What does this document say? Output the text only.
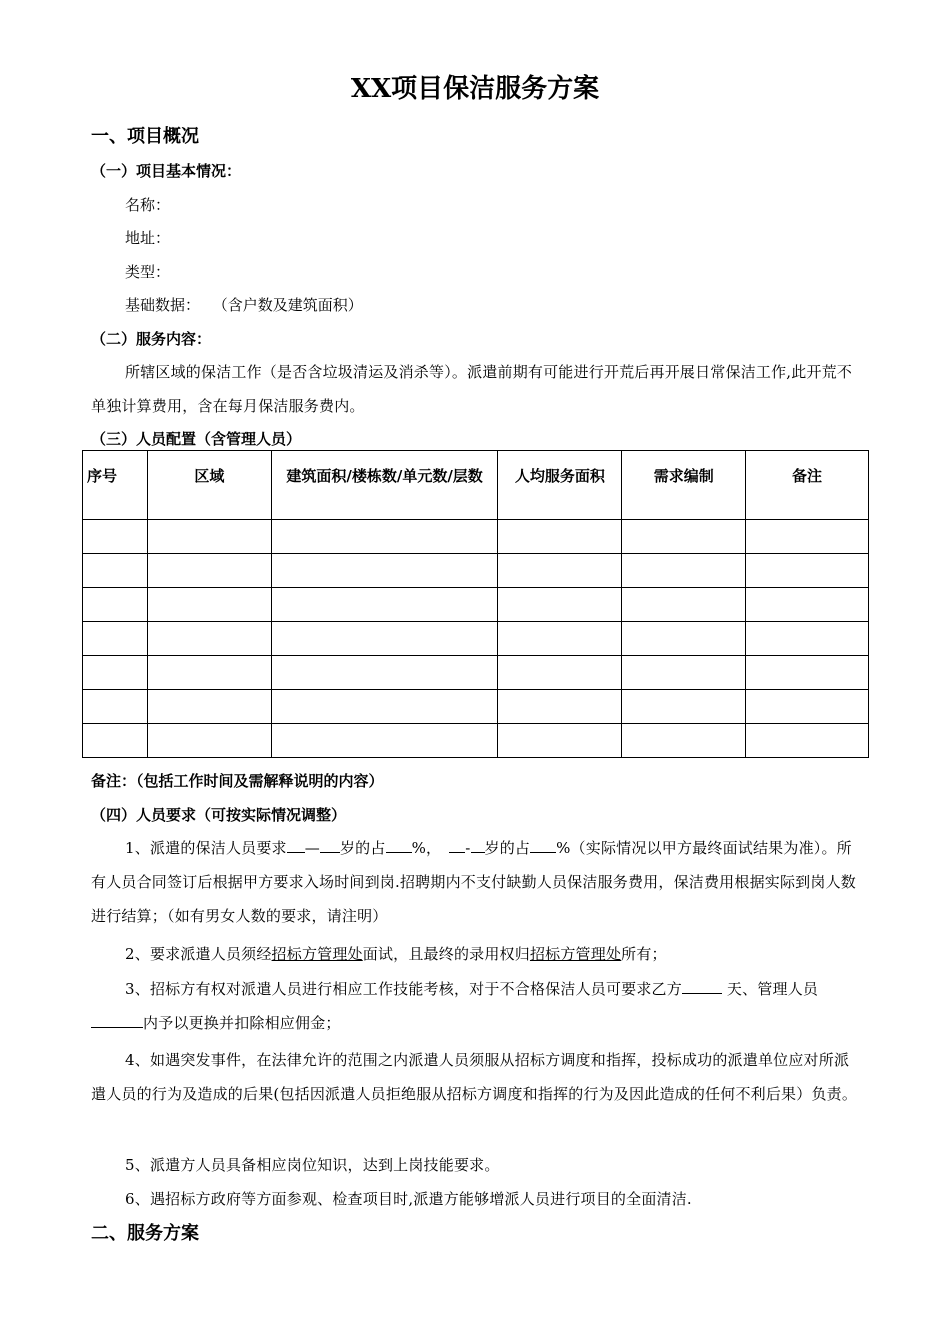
XX项目保洁服务方案
一、项目概况
（一）项目基本情况：
名称：
地址：
类型：
基础数据： （含户数及建筑面积）
（二）服务内容：
所辖区域的保洁工作（是否含垃圾清运及消杀等）。派遣前期有可能进行开荒后再开展日常保洁工作,此开荒不单独计算费用，含在每月保洁服务费内。
（三）人员配置（含管理人员）
序号	区域	建筑面积/楼栋数/单元数/层数	人均服务面积	需求编制	备注

备注：（包括工作时间及需解释说明的内容）
（四）人员要求（可按实际情况调整）
1、派遣的保洁人员要求 — 岁的占 %， - 岁的占 %（实际情况以甲方最终面试结果为准）。所有人员合同签订后根据甲方要求入场时间到岗.招聘期内不支付缺勤人员保洁服务费用，保洁费用根据实际到岗人数进行结算；（如有男女人数的要求，请注明）
2、要求派遣人员须经招标方管理处面试，且最终的录用权归招标方管理处所有；
3、招标方有权对派遣人员进行相应工作技能考核，对于不合格保洁人员可要求乙方	天、管理人员内予以更换并扣除相应佣金；
4、如遇突发事件，在法律允许的范围之内派遣人员须服从招标方调度和指挥，投标成功的派遣单位应对所派遣人员的行为及造成的后果(包括因派遣人员拒绝服从招标方调度和指挥的行为及因此造成的任何不利后果）负责。
5、派遣方人员具备相应岗位知识，达到上岗技能要求。
6、遇招标方政府等方面参观、检查项目时,派遣方能够增派人员进行项目的全面清洁.
二、服务方案
